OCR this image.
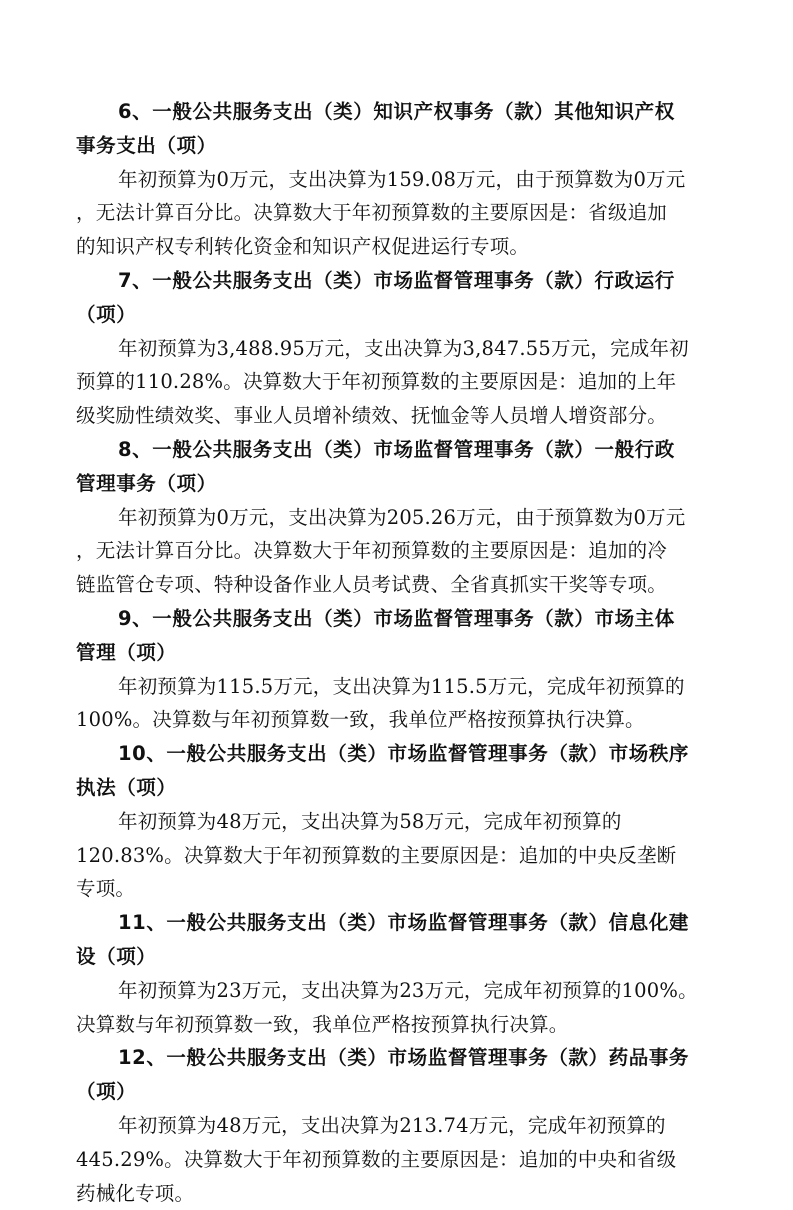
6、一般公共服务支出（类）知识产权事务（款）其他知识产权
事务支出（项）
年初预算为0万元，支出决算为159.08万元，由于预算数为0万元
，无法计算百分比。决算数大于年初预算数的主要原因是：省级追加
的知识产权专利转化资金和知识产权促进运行专项。
7、一般公共服务支出（类）市场监督管理事务（款）行政运行
（项）
年初预算为3,488.95万元，支出决算为3,847.55万元，完成年初
预算的110.28%。决算数大于年初预算数的主要原因是：追加的上年
级奖励性绩效奖、事业人员增补绩效、抚恤金等人员增人增资部分。
8、一般公共服务支出（类）市场监督管理事务（款）一般行政
管理事务（项）
年初预算为0万元，支出决算为205.26万元，由于预算数为0万元
，无法计算百分比。决算数大于年初预算数的主要原因是：追加的冷
链监管仓专项、特种设备作业人员考试费、全省真抓实干奖等专项。
9、一般公共服务支出（类）市场监督管理事务（款）市场主体
管理（项）
年初预算为115.5万元，支出决算为115.5万元，完成年初预算的
100%。决算数与年初预算数一致，我单位严格按预算执行决算。
10、一般公共服务支出（类）市场监督管理事务（款）市场秩序
执法（项）
年初预算为48万元，支出决算为58万元，完成年初预算的
120.83%。决算数大于年初预算数的主要原因是：追加的中央反垄断
专项。
11、一般公共服务支出（类）市场监督管理事务（款）信息化建
设（项）
年初预算为23万元，支出决算为23万元，完成年初预算的100%。
决算数与年初预算数一致，我单位严格按预算执行决算。
12、一般公共服务支出（类）市场监督管理事务（款）药品事务
（项）
年初预算为48万元，支出决算为213.74万元，完成年初预算的
445.29%。决算数大于年初预算数的主要原因是：追加的中央和省级
药械化专项。
